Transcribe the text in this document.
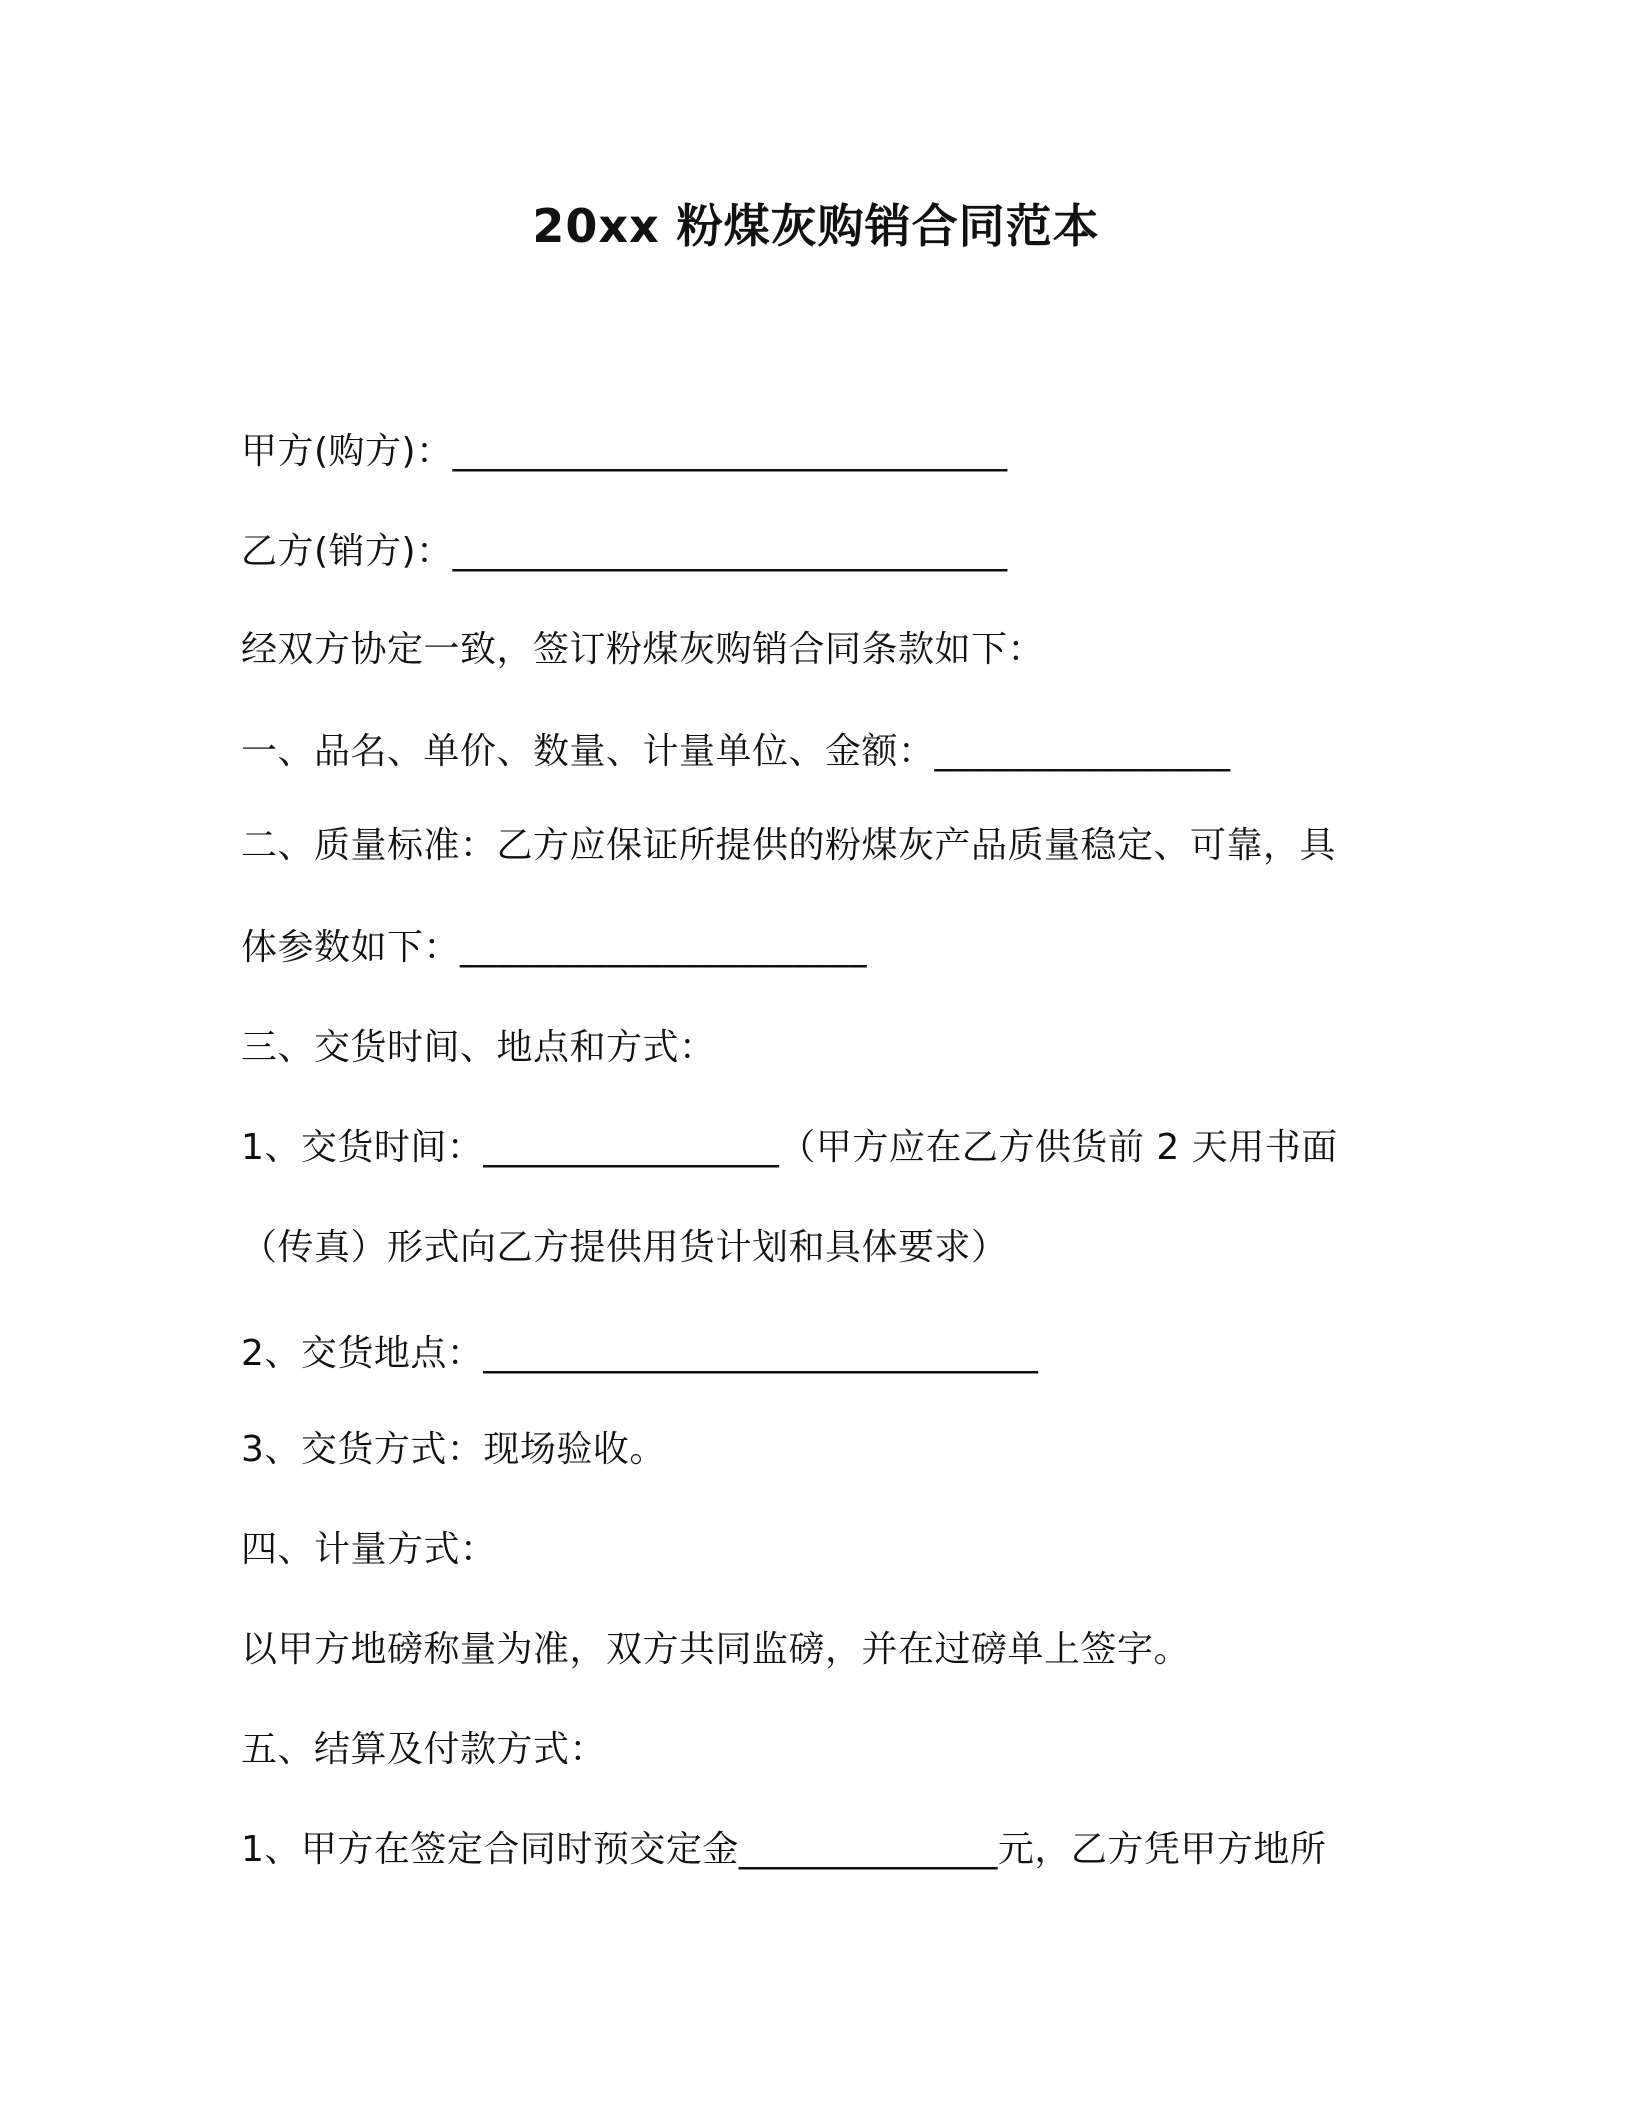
20xx 粉煤灰购销合同范本
甲方(购方)：______________________________
乙方(销方)：______________________________
经双方协定一致，签订粉煤灰购销合同条款如下：
一、品名、单价、数量、计量单位、金额：________________
二、质量标准：乙方应保证所提供的粉煤灰产品质量稳定、可靠，具
体参数如下：______________________
三、交货时间、地点和方式：
1、交货时间：________________（甲方应在乙方供货前 2 天用书面
（传真）形式向乙方提供用货计划和具体要求）
2、交货地点：______________________________
3、交货方式：现场验收。
四、计量方式：
以甲方地磅称量为准，双方共同监磅，并在过磅单上签字。
五、结算及付款方式：
1、甲方在签定合同时预交定金______________元，乙方凭甲方地所
